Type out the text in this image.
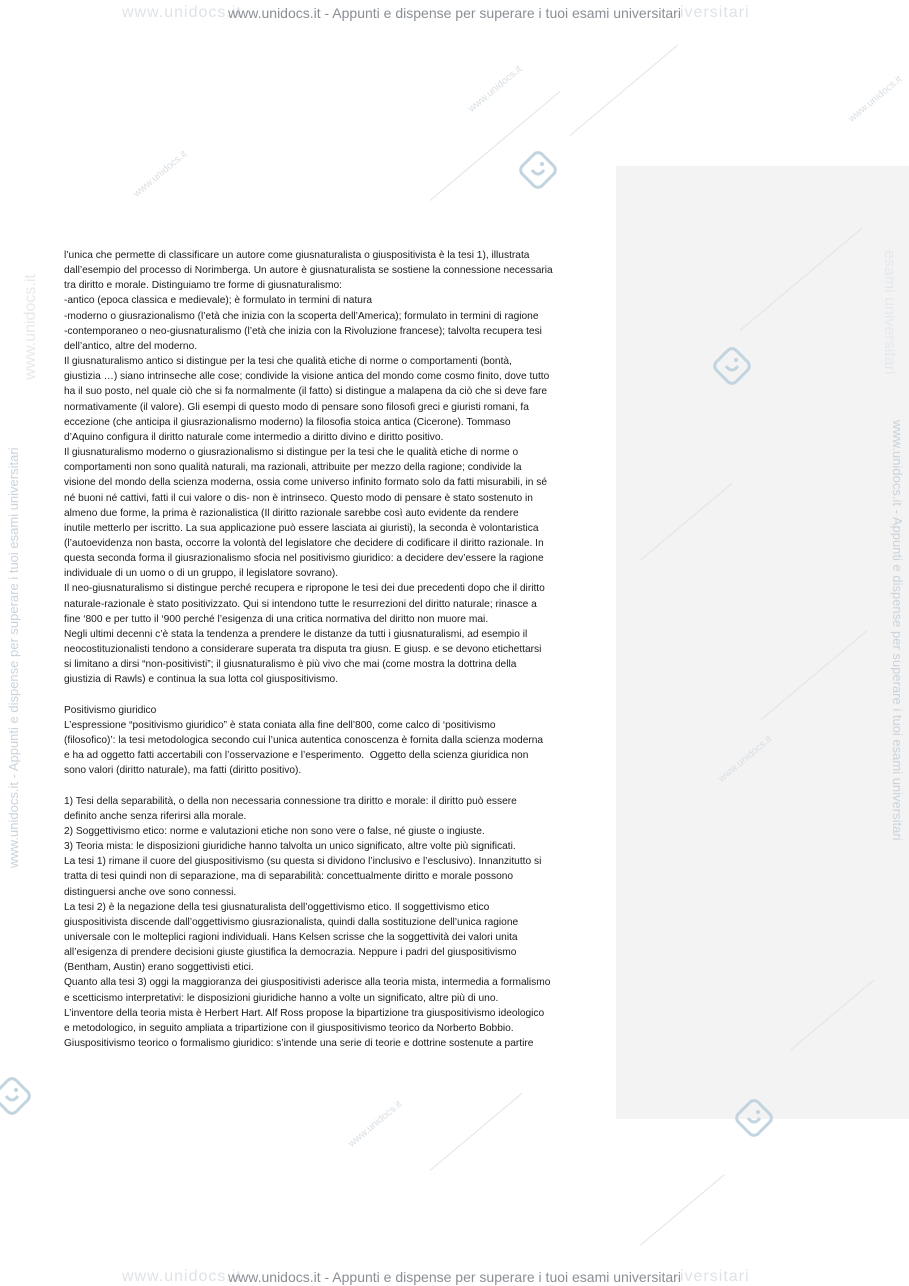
www.unidocs.it
www.unidocs.it
www.unidocs.it
www.unidocs.it
www.unidocs.it
www.unidocs.it	iversitari
www.unidocs.it - Appunti e dispense per superare i tuoi esami universitari
www.unidocs.it	iversitari
www.unidocs.it - Appunti e dispense per superare i tuoi esami universitari
www.unidocs.it
www.unidocs.it - Appunti e dispense per superare i tuoi esami universitari
esami universitari
www.unidocs.it - Appunti e dispense per superare i tuoi esami universitari

l’unica che permette di classificare un autore come giusnaturalista o giuspositivista è la tesi 1), illustrata

dall’esempio del processo di Norimberga. Un autore è giusnaturalista se sostiene la connessione necessaria

tra diritto e morale. Distinguiamo tre forme di giusnaturalismo:

-antico (epoca classica e medievale); è formulato in termini di natura

-moderno o giusrazionalismo (l’età che inizia con la scoperta dell’America); formulato in termini di ragione

-contemporaneo o neo-giusnaturalismo (l’età che inizia con la Rivoluzione francese); talvolta recupera tesi

dell’antico, altre del moderno.

Il giusnaturalismo antico si distingue per la tesi che qualità etiche di norme o comportamenti (bontà,

giustizia …) siano intrinseche alle cose; condivide la visione antica del mondo come cosmo finito, dove tutto

ha il suo posto, nel quale ciò che si fa normalmente (il fatto) si distingue a malapena da ciò che si deve fare

normativamente (il valore). Gli esempi di questo modo di pensare sono filosofi greci e giuristi romani, fa

eccezione (che anticipa il giusrazionalismo moderno) la filosofia stoica antica (Cicerone). Tommaso

d’Aquino configura il diritto naturale come intermedio a diritto divino e diritto positivo.

Il giusnaturalismo moderno o giusrazionalismo si distingue per la tesi che le qualità etiche di norme o

comportamenti non sono qualità naturali, ma razionali, attribuite per mezzo della ragione; condivide la

visione del mondo della scienza moderna, ossia come universo infinito formato solo da fatti misurabili, in sé

né buoni né cattivi, fatti il cui valore o dis- non è intrinseco. Questo modo di pensare è stato sostenuto in

almeno due forme, la prima è razionalistica (Il diritto razionale sarebbe così auto evidente da rendere

inutile metterlo per iscritto. La sua applicazione può essere lasciata ai giuristi), la seconda è volontaristica

(l’autoevidenza non basta, occorre la volontà del legislatore che decidere di codificare il diritto razionale. In

questa seconda forma il giusrazionalismo sfocia nel positivismo giuridico: a decidere dev’essere la ragione

individuale di un uomo o di un gruppo, il legislatore sovrano).

Il neo-giusnaturalismo si distingue perché recupera e ripropone le tesi dei due precedenti dopo che il diritto

naturale-razionale è stato positivizzato. Qui si intendono tutte le resurrezioni del diritto naturale; rinasce a

fine ‘800 e per tutto il ‘900 perché l’esigenza di una critica normativa del diritto non muore mai.

Negli ultimi decenni c’è stata la tendenza a prendere le distanze da tutti i giusnaturalismi, ad esempio il

neocostituzionalisti tendono a considerare superata tra disputa tra giusn. E giusp. e se devono etichettarsi

si limitano a dirsi “non-positivisti”; il giusnaturalismo è più vivo che mai (come mostra la dottrina della

giustizia di Rawls) e continua la sua lotta col giuspositivismo.

Positivismo giuridico

L’espressione “positivismo giuridico” è stata coniata alla fine dell’800, come calco di ‘positivismo

(filosofico)’: la tesi metodologica secondo cui l’unica autentica conoscenza è fornita dalla scienza moderna

e ha ad oggetto fatti accertabili con l’osservazione e l’esperimento.  Oggetto della scienza giuridica non

sono valori (diritto naturale), ma fatti (diritto positivo).

1) Tesi della separabilità, o della non necessaria connessione tra diritto e morale: il diritto può essere

definito anche senza riferirsi alla morale.

2) Soggettivismo etico: norme e valutazioni etiche non sono vere o false, né giuste o ingiuste.

3) Teoria mista: le disposizioni giuridiche hanno talvolta un unico significato, altre volte più significati.

La tesi 1) rimane il cuore del giuspositivismo (su questa si dividono l’inclusivo e l’esclusivo). Innanzitutto si

tratta di tesi quindi non di separazione, ma di separabilità: concettualmente diritto e morale possono

distinguersi anche ove sono connessi.

La tesi 2) è la negazione della tesi giusnaturalista dell’oggettivismo etico. Il soggettivismo etico

giuspositivista discende dall’oggettivismo giusrazionalista, quindi dalla sostituzione dell’unica ragione

universale con le molteplici ragioni individuali. Hans Kelsen scrisse che la soggettività dei valori unita

all’esigenza di prendere decisioni giuste giustifica la democrazia. Neppure i padri del giuspositivismo

(Bentham, Austin) erano soggettivisti etici.

Quanto alla tesi 3) oggi la maggioranza dei giuspositivisti aderisce alla teoria mista, intermedia a formalismo

e scetticismo interpretativi: le disposizioni giuridiche hanno a volte un significato, altre più di uno.

L’inventore della teoria mista è Herbert Hart. Alf Ross propose la bipartizione tra giuspositivismo ideologico

e metodologico, in seguito ampliata a tripartizione con il giuspositivismo teorico da Norberto Bobbio.

Giuspositivismo teorico o formalismo giuridico: s’intende una serie di teorie e dottrine sostenute a partire
